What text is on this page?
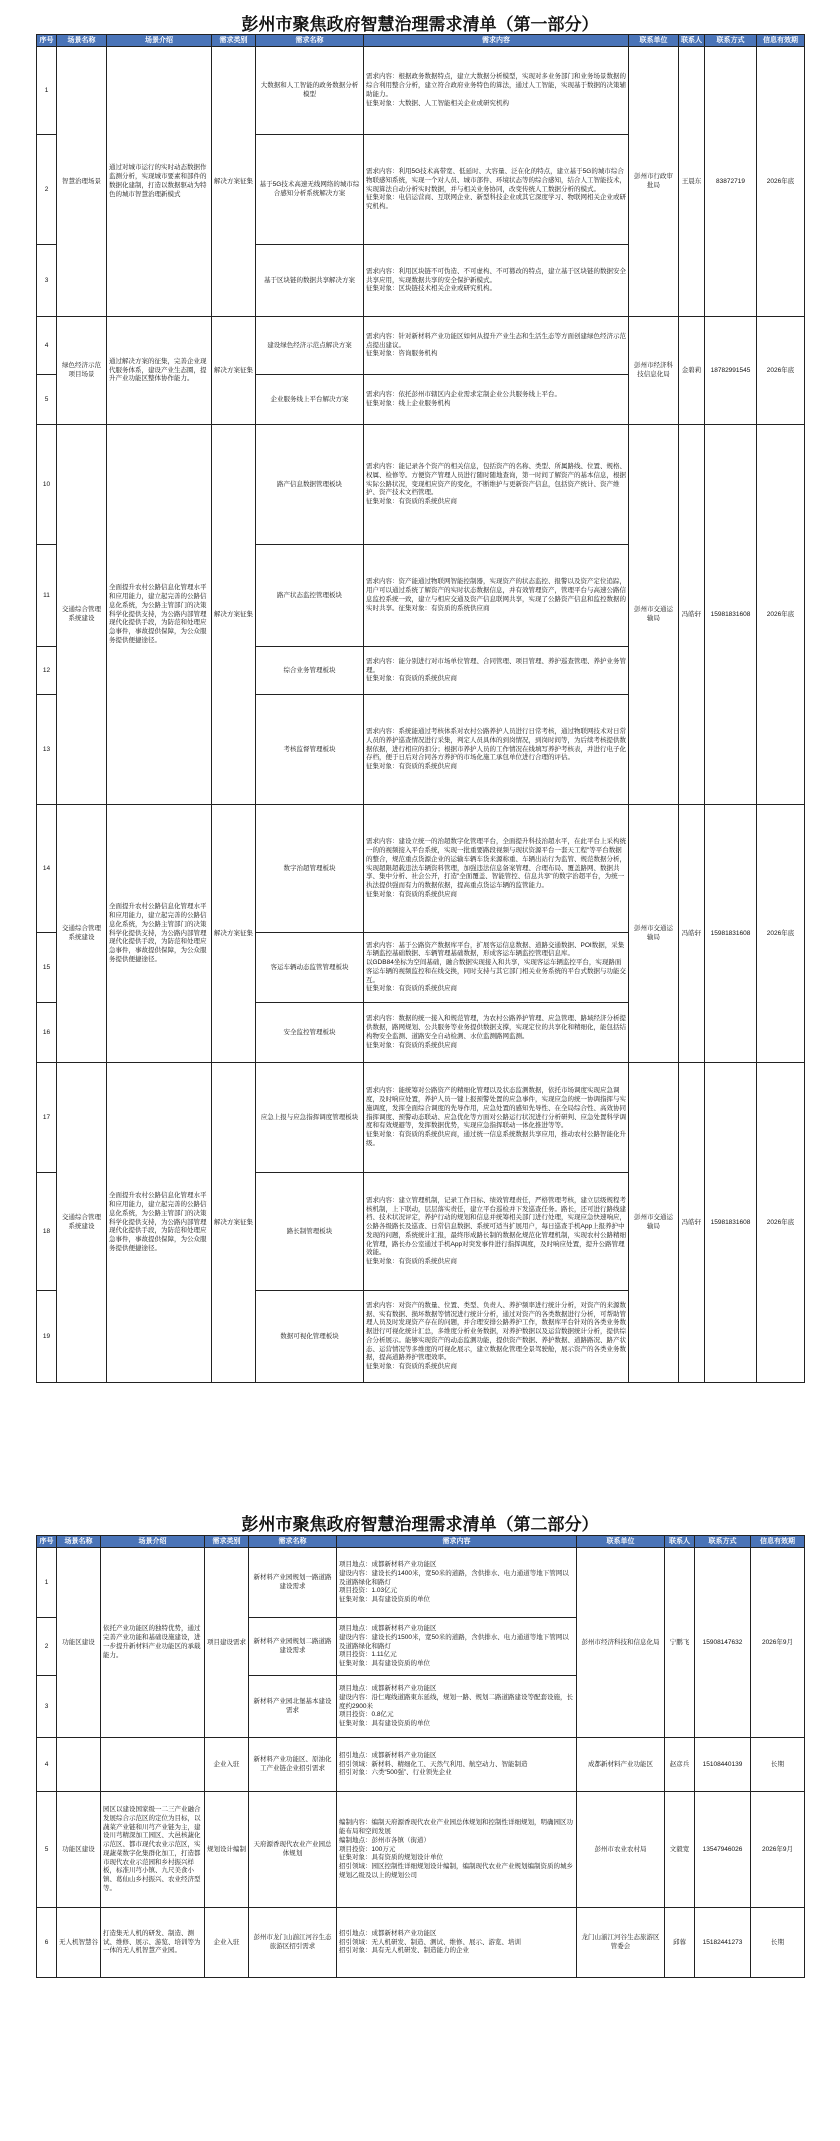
彭州市聚焦政府智慧治理需求清单（第一部分）
序号	场景名称	场景介绍	需求类别	需求名称	需求内容	联系单位	联系人	联系方式	信息有效期
1	智慧治理场景	通过对城市运行的实时动态数据作监测分析，实现城市要素和部件的数据化建制，打造以数据驱动为特色的城市智慧治理新模式	解决方案征集	大数据和人工智能的政务数据分析模型	需求内容：根据政务数据特点，建立大数据分析模型，实现对多业务部门和业务场景数据的综合利用整合分析，建立符合政府业务特色的算法，通过人工智能，实现基于数据的决策辅助能力。
征集对象：大数据、人工智能相关企业或研究机构	彭州市行政审批局	王晨东	83872719	2026年底
2				基于5G技术高速无线网络的城市综合感知分析系统解决方案	需求内容：利用5G技术高带宽、低延时、大容量、泛在化的特点，建立基于5G的城市综合物联感知系统，实现一个对人员、城市部件、环境状态等的综合感知，结合人工智能技术，实现算法自动分析实时数据，并与相关业务协同，改变传统人工数据分析的模式。
征集对象：电信运营商、互联网企业、新型科技企业或其它深度学习、物联网相关企业或研究机构。				
3				基于区块链的数据共享解决方案	需求内容：利用区块链不可伪造、不可虚构、不可篡改的特点，建立基于区块链的数据安全共享应用，实现数据共享的安全保护新模式。
征集对象：区块链技术相关企业或研究机构。				
4	绿色经济示范项目场景	通过解决方案的征集，完善企业现代服务体系，建设产业生态圈，提升产业功能区整体协作能力。	解决方案征集	建设绿色经济示范点解决方案	需求内容：针对新材料产业功能区如何从提升产业生态和生活生态等方面创建绿色经济示范点提出建议。
征集对象：咨询服务机构	彭州市经济科技信息化局	金碧莉	18782991545	2026年底
5				企业服务线上平台解决方案	需求内容：依托彭州市辖区内企业需求定制企业公共服务线上平台。
征集对象：线上企业服务机构				
10	交通综合管理系统建设	全面提升农村公路信息化管理水平和应用能力，建立起完善的公路信息化系统，为公路主管部门的决策科学化提供支持，为公路内部管理现代化提供手段，为防范和处理应急事件，事故提供保障，为公众服务提供便捷途径。	解决方案征集	路产信息数据管理板块	需求内容：能记录各个资产的相关信息，包括资产的名称、类型、所属路线、位置、规格、权属、检修等。方便资产管理人员进行随时随地查询，第一时间了解资产的基本信息，根据实际公路状况，变现相应资产的变化，不断维护与更新资产信息，包括资产统计、资产维护、资产技术文档管理。
征集对象：有资质的系统供应商	彭州市交通运输局	冯皓轩	15981831608	2026年底
11				路产状态监控管理板块	需求内容：资产能通过物联网智能控制器，实现资产的状态监控、报警以及资产定位追踪，用户可以通过系统了解资产的实时状态数据信息，并有效管理资产，管理平台与高速公路信息监控系统一致，建立与相应交通及资产信息联网共享，实现了公路资产信息和监控数据的实时共享。征集对象：有资质的系统供应商				
12				综合业务管理板块	需求内容：能分别进行对市场单位管理、合同管理、项目管理、养护巡查管理、养护业务管理。
征集对象：有资质的系统供应商				
13				考核监督管理板块	需求内容：系统能通过考核体系对农村公路养护人员进行日常考核，通过物联网技术对日常人员的养护巡查情况进行采集，判定人员具体的到岗情况，到岗时间等，为后续考核提供数据依据，进行相应的扣分；根据市养护人员的工作情况在线填写养护考核表，并进行电子化存档，便于日后对合同各方养护的市场化施工承包单位进行合理的评估。
征集对象：有资质的系统供应商				
14	交通综合管理系统建设	全面提升农村公路信息化管理水平和应用能力，建立起完善的公路信息化系统，为公路主管部门的决策科学化提供支持，为公路内部管理现代化提供手段，为防范和处理应急事件，事故提供保障，为公众服务提供便捷途径。	解决方案征集	数字治超管理板块	需求内容：建设立统一的治超数字化管理平台，全面提升科技治超水平，在此平台上采构统一的的视频接入平台系统，实现一批重要路段视频与现状资源平台一套天工程"等平台数据的整合，规范重点货源企业的运输车辆车货来源称重、车辆出站行为监管、规范数据分析，实现超限超载违法车辆资料管理，加强违法信息备案管理、合理布局、覆盖路网、数据共享、集中分析、社会公开，打造"全面覆盖、智能管控、信息共享"的数字治超平台，为统一执法提供强而有力的数据依据，提高重点货运车辆的监管能力。
征集对象：有资质的系统供应商	彭州市交通运输局	冯皓轩	15981831608	2026年底
15				客运车辆动态监管管理板块	需求内容：基于公路资产数据库平台，扩展客运信息数据、道路交通数据、POI数据，采集车辆监控基础数据、车辆管理基础数据，形成客运车辆监控管理信息库。
以GDB84坐标为空间基础，融合数据实现接入和共享，实现客运车辆监控平台，实现路面客运车辆的视频监控和在线交换，同时支持与其它部门相关业务系统的平台式数据与功能交互。
征集对象：有资质的系统供应商				
16				安全监控管理板块	需求内容：数据的统一接入和规范管理，为农村公路养护管理、应急管理、路域经济分析提供数据，路网规划、公共服务等业务提供数据支撑，实现定位的共享化和精细化，能包括结构物安全监测、道路安全自动检测、水位监测路网监测。
征集对象：有资质的系统供应商				
17	交通综合管理系统建设	全面提升农村公路信息化管理水平和应用能力，建立起完善的公路信息化系统，为公路主管部门的决策科学化提供支持，为公路内部管理现代化提供手段，为防范和处理应急事件，事故提供保障，为公众服务提供便捷途径。	解决方案征集	应急上报与应急指挥调度管理板块	需求内容：能统筹对公路资产的精细化管理以及状态监测数据，依托市场调度实现应急调度，及时响应处置，养护人员一键上报预警处置的应急事件，实现应急的统一协调指挥与实施调度，发挥全面综合调度的先导作用，应急处置的感知先导性、在全局综合性、高效协同指挥调度、预警动态联动、应急优化等方面对公路运行状况进行分析研判、应急处置科学调度和有效规避等，发挥数据优势，实现应急指挥联动一体化推进等等。
征集对象：有资质的系统供应商，通过统一信息系统数据共享应用，推动农村公路智能化升级。	彭州市交通运输局	冯皓轩	15981831608	2026年底
18				路长制管理板块	需求内容：建立管理机制，记录工作目标、绩效管理责任，严格管理考核，建立层级规程考核机制，上下联动，层层落实责任，建立平台巡检并下发巡查任务。路长，还可进行路线建档、技术状况评定，养护行动的规划和信息并统筹相关部门进行处理，实现应急快速响应，公路各级路长及巡查、日常信息数据、系统可适当扩展用户，每日巡查手机App上报养护中发现的问题，系统统计汇报，最终形成路长制的数据化规范化管理机制，实现农村公路精细化管理，路长办公室通过手机App对突发事件进行指挥调度，及时响应处置，提升公路管理效能。
征集对象：有资质的系统供应商				
19				数据可视化管理板块	需求内容：对资产的数量、位置、类型、负责人、养护频率进行统计分析，对资产的来源数据、实有数据、损坏数据等情况进行统计分析，通过对资产的各类数据进行分析，可帮助管理人员及时发现资产存在的问题，并合理安排公路养护工作，数据库平台针对的各类业务数据进行可视化统计汇总，多维度分析业务数据，对养护数据以及运营数据统计分析，提供综合分析展示。能够实现资产的动态监测功能，提供资产数据、养护数据、道路路况、路产状态、运营情况等多维度的可视化展示，建立数据化管理全景驾驶舱，展示资产的各类业务数据，提高道路养护管理效率。
征集对象：有资质的系统供应商				
彭州市聚焦政府智慧治理需求清单（第二部分）
序号	场景名称	场景介绍	需求类别	需求名称	需求内容	联系单位	联系人	联系方式	信息有效期
1	功能区建设	依托产业功能区的独特优势，通过完善产业功能和基础设施建设，进一步提升新材料产业功能区的承载能力。	项目建设需求	新材料产业园规划一路道路建设需求	项目地点：成都新材料产业功能区
建设内容：建设长约1400米，宽50米的道路，含供排水、电力通道等地下管网以及道路绿化和路灯
项目投资：1.03亿元
征集对象：具有建设资质的单位	彭州市经济科技和信息化局	宁鹏飞	15908147632	2026年9月
2				新材料产业园规划二路道路建设需求	项目地点：成都新材料产业功能区
建设内容：建设长约1500米，宽50米的道路，含供排水、电力通道等地下管网以及道路绿化和路灯
项目投资：1.11亿元
征集对象：具有建设资质的单位				
3				新材料产业园北堡基本建设需求	项目地点：成都新材料产业功能区
建设内容：沿仁庵线道路東东延线，规划一路、规划二路道路建设等配套设施，长度约2900米
项目投资：0.8亿元
征集对象：具有建设资质的单位				
4			企业入驻	新材料产业功能区、原油化工产业链企业招引需求	招引地点：成都新材料产业功能区
招引领域：新材料、精细化工、天然气利用、航空动力、智能制造
招引对象：六类“500强”、行业领先企业	成都新材料产业功能区	赵彦兵	15108440139	长期
5	功能区建设	园区以建设国家级一二三产业融合发展综合示范区的定位为目标，以蔬菜产业链和川芎产业链为主，建设川芎精深加工园区、大邑核蔬化示范区、都市现代农业示范区，实现蔬菜数字化集群化加工，打造都市现代农业示范园和乡村振兴样板，标准川芎小镇、九尺美食小镇、葛仙山乡村振兴、农业经济型等。	规划设计编制	天府源香现代农业产业园总体规划	编制内容：编制天府源香现代农业产业园总体规划和控制性详细规划，明确园区功能布局和空间发展
编制地点：彭州市各镇（街道）
项目投资：100万元
征集对象：具有资质的规划设计单位
招引领域：园区控制性详细规划设计编制，编制现代农业产业规划编制资质的城乡规划乙级及以上的规划公司	彭州市农业农村局	文毅宽	13547946026	2026年9月
6	无人机智慧谷	打造集无人机的研发、制造、测试、维修、展示、游览、培训等为一体的无人机智慧产业园。	企业入驻	彭州市龙门山湔江河谷生态旅游区招引需求	招引地点：成都新材料产业功能区
招引领域：无人机研发、制造、测试、维修、展示、游览、培训
招引对象：具有无人机研发、制造能力的企业	龙门山湔江河谷生态旅游区管委会	邱蓉	15182441273	长期
